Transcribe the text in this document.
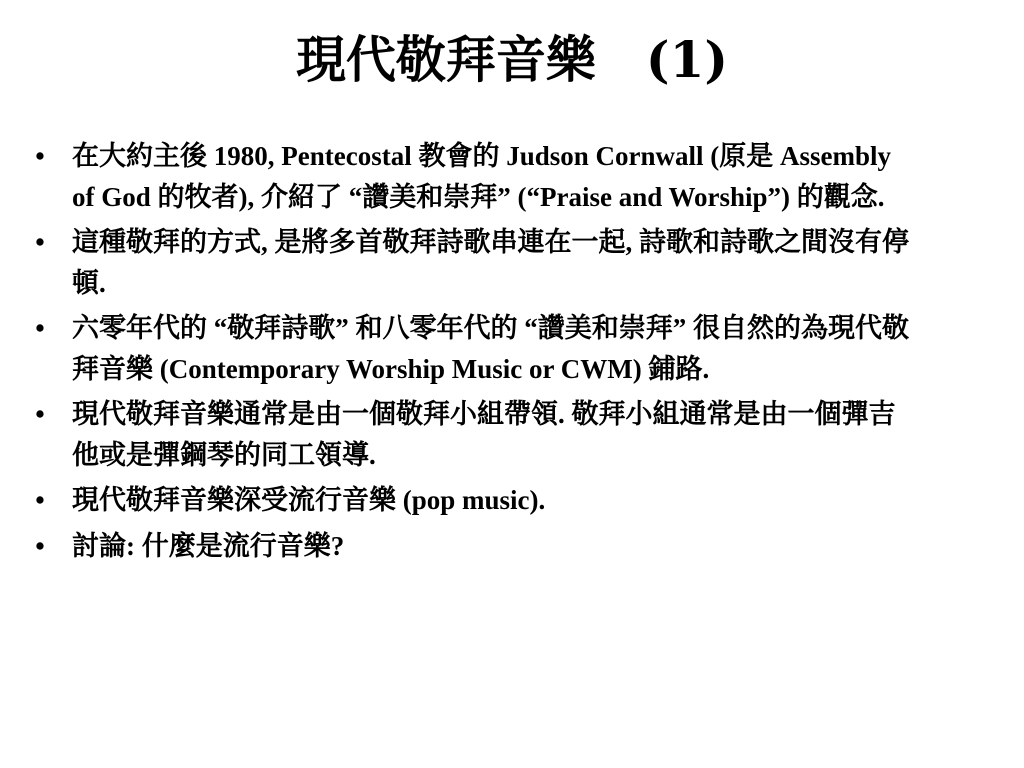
現代敬拜音樂　(1)
• 在大約主後 1980, Pentecostal 教會的 Judson Cornwall (原是 Assembly of God 的牧者), 介紹了 “讚美和崇拜” (“Praise and Worship”) 的觀念.
• 這種敬拜的方式, 是將多首敬拜詩歌串連在一起, 詩歌和詩歌之間沒有停頓.
• 六零年代的 “敬拜詩歌” 和八零年代的 “讚美和崇拜” 很自然的為現代敬拜音樂 (Contemporary Worship Music or CWM) 鋪路.
• 現代敬拜音樂通常是由一個敬拜小組帶領. 敬拜小組通常是由一個彈吉他或是彈鋼琴的同工領導.
• 現代敬拜音樂深受流行音樂 (pop music).
• 討論: 什麼是流行音樂?
